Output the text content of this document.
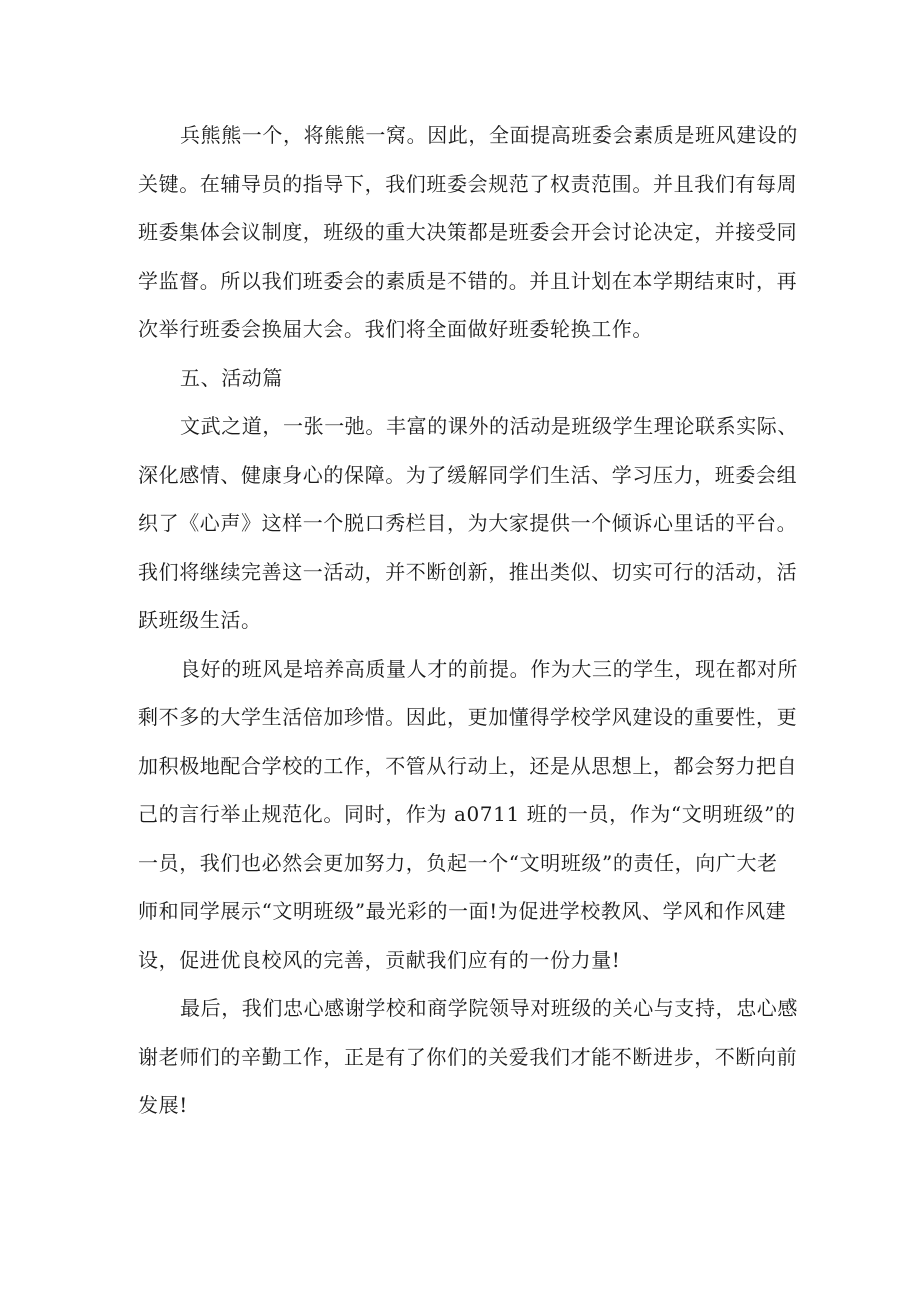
兵熊熊一个，将熊熊一窝。因此，全面提高班委会素质是班风建设的
关键。在辅导员的指导下，我们班委会规范了权责范围。并且我们有每周
班委集体会议制度，班级的重大决策都是班委会开会讨论决定，并接受同
学监督。所以我们班委会的素质是不错的。并且计划在本学期结束时，再
次举行班委会换届大会。我们将全面做好班委轮换工作。
五、活动篇
文武之道，一张一弛。丰富的课外的活动是班级学生理论联系实际、
深化感情、健康身心的保障。为了缓解同学们生活、学习压力，班委会组
织了《心声》这样一个脱口秀栏目，为大家提供一个倾诉心里话的平台。
我们将继续完善这一活动，并不断创新，推出类似、切实可行的活动，活
跃班级生活。
良好的班风是培养高质量人才的前提。作为大三的学生，现在都对所
剩不多的大学生活倍加珍惜。因此，更加懂得学校学风建设的重要性，更
加积极地配合学校的工作，不管从行动上，还是从思想上，都会努力把自
己的言行举止规范化。同时，作为 a0711 班的一员，作为“文明班级”的
一员，我们也必然会更加努力，负起一个“文明班级”的责任，向广大老
师和同学展示“文明班级”最光彩的一面!为促进学校教风、学风和作风建
设，促进优良校风的完善，贡献我们应有的一份力量!
最后，我们忠心感谢学校和商学院领导对班级的关心与支持，忠心感
谢老师们的辛勤工作，正是有了你们的关爱我们才能不断进步，不断向前
发展!
